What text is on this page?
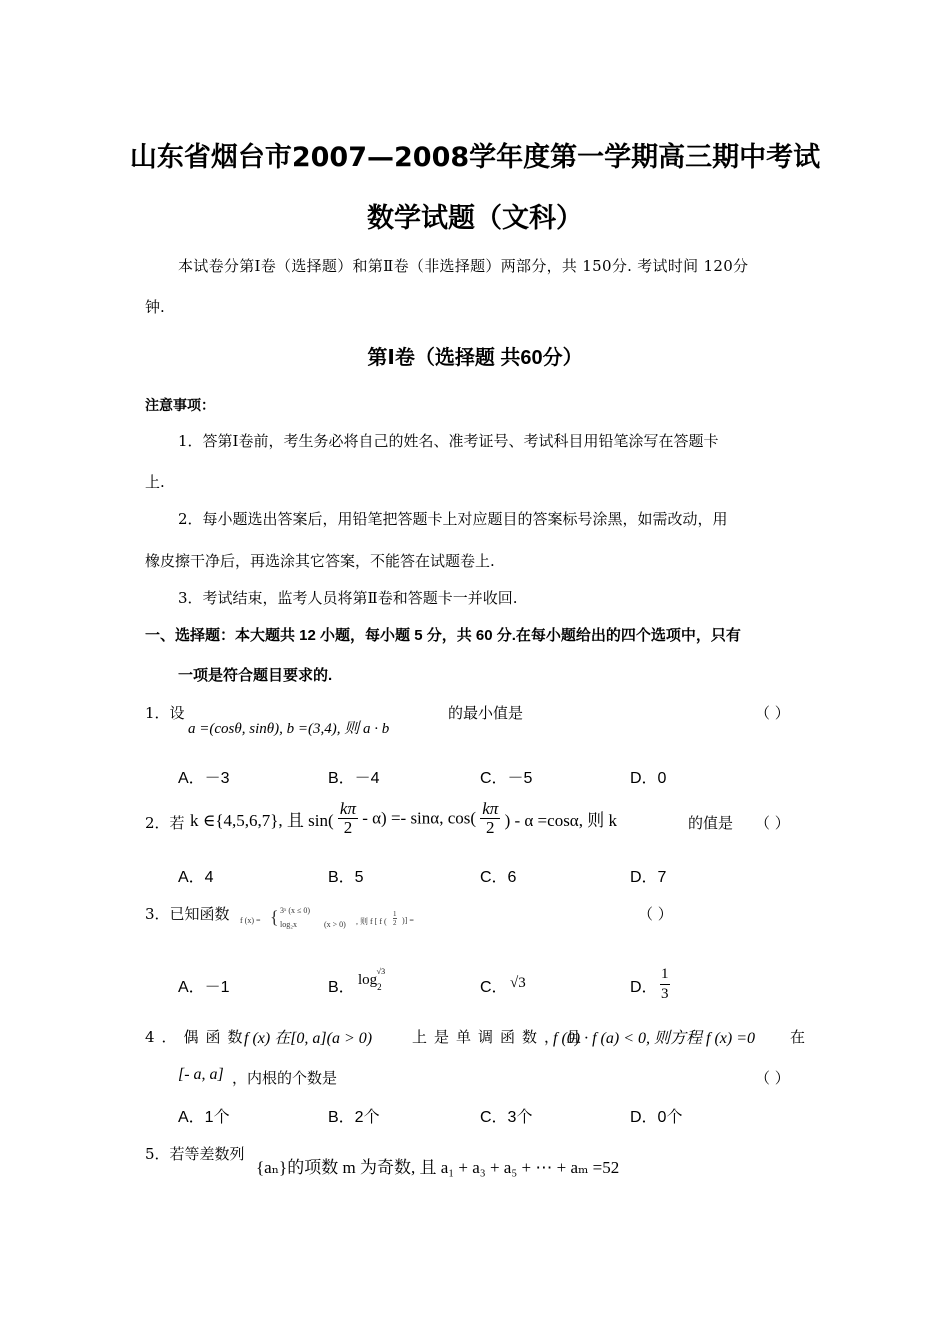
山东省烟台市2007—2008学年度第一学期高三期中考试
数学试题（文科）
本试卷分第Ⅰ卷（选择题）和第Ⅱ卷（非选择题）两部分，共 150分. 考试时间 120分
钟.
第Ⅰ卷（选择题 共60分）
注意事项：
1．答第Ⅰ卷前，考生务必将自己的姓名、准考证号、考试科目用铅笔涂写在答题卡
上.
2．每小题选出答案后，用铅笔把答题卡上对应题目的答案标号涂黑，如需改动，用
橡皮擦干净后，再选涂其它答案，不能答在试题卷上.
3．考试结束，监考人员将第Ⅱ卷和答题卡一并收回.
一、选择题：本大题共 12 小题，每小题 5 分，共 60 分.在每小题给出的四个选项中，只有
一项是符合题目要求的.
1．设
a =(cosθ, sinθ), b =(3,4), 则 a · b
的最小值是	（ ）
A．－3	B．－4	C．－5	D．0
2．若 k ∈{4,5,6,7}, 且 $\sin( \frac{k\pi}{2} - \alpha) =- \sin\alpha$, $\cos( \frac{k\pi}{2}$ ) - α =cosα, 则 k	的值是 （ ）
A．4	B．5	C．6	D．7
3．已知函数 f (x) = { 3ˣ (x ≤ 0)
log₂x	(x > 0) , 则 f [ f ( $\frac{1}{2}$ )] =	（ ）
A．－1	B． $\log_2^{√3}$
C． √3	D． $\frac{1}{3}$
4．偶函数
f (x) 在[0, a](a > 0)	上是单调函数，且
f (0) · f (a) < 0, 则方程 f (x) =0 在
[- a, a] ，内根的个数是	（ ）
A．1个	B．2个	C．3个	D．0个
5．若等差数列
{aₙ}的项数 m 为奇数, 且 a₁ + a₃ + a₅ + ⋯ + aₘ =52
